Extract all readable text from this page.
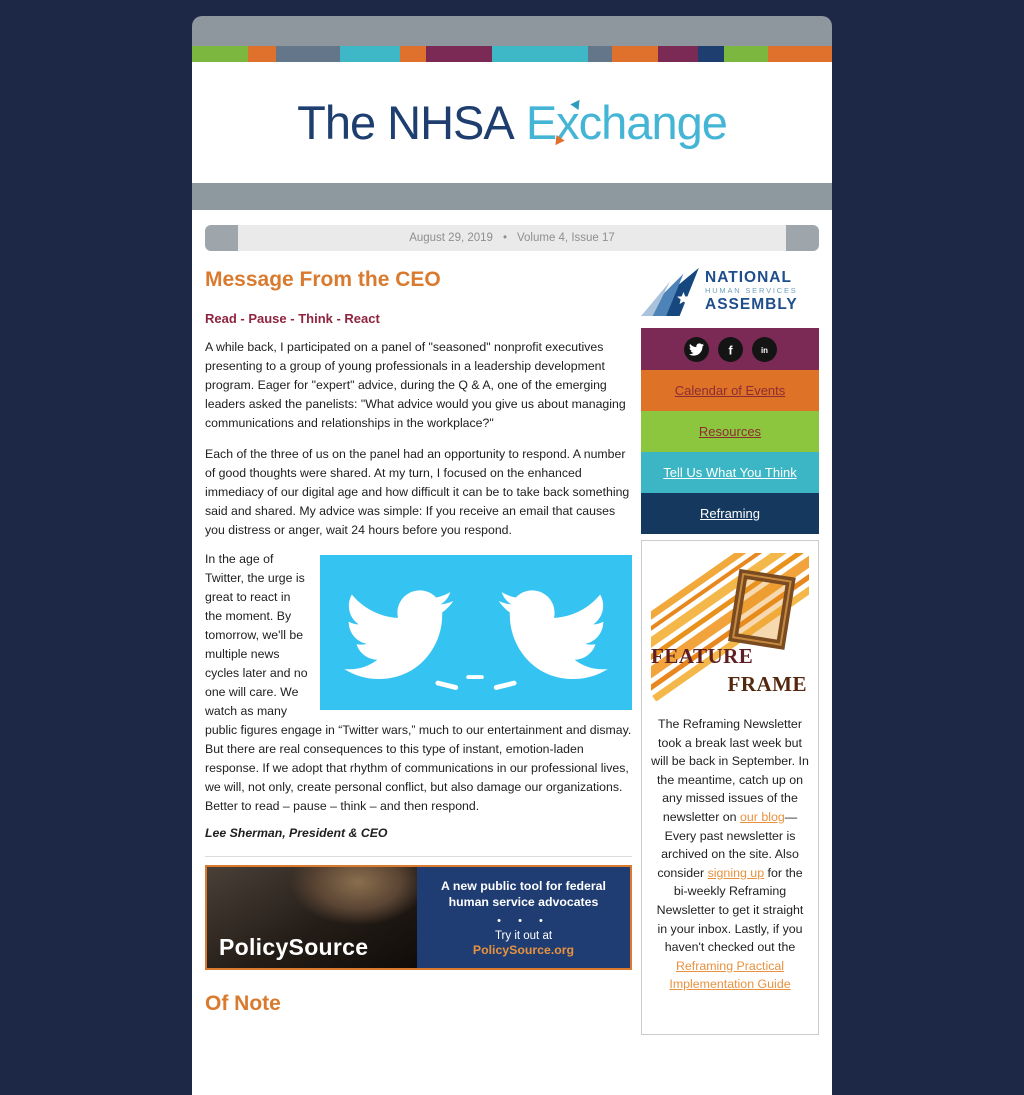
The NHSA Exchange
August 29, 2019 • Volume 4, Issue 17
Message From the CEO
Read - Pause - Think - React
A while back, I participated on a panel of "seasoned" nonprofit executives presenting to a group of young professionals in a leadership development program. Eager for "expert" advice, during the Q & A, one of the emerging leaders asked the panelists: "What advice would you give us about managing communications and relationships in the workplace?"
Each of the three of us on the panel had an opportunity to respond. A number of good thoughts were shared. At my turn, I focused on the enhanced immediacy of our digital age and how difficult it can be to take back something said and shared. My advice was simple: If you receive an email that causes you distress or anger, wait 24 hours before you respond.
In the age of Twitter, the urge is great to react in the moment. By tomorrow, we'll be multiple news cycles later and no one will care. We watch as many public figures engage in “Twitter wars,” much to our entertainment and dismay. But there are real consequences to this type of instant, emotion-laden response. If we adopt that rhythm of communications in our professional lives, we will, not only, create personal conflict, but also damage our organizations. Better to read – pause – think – and then respond.
Lee Sherman, President & CEO
PolicySource
A new public tool for federal human service advocates
• • •
Try it out at
PolicySource.org
Of Note
NATIONAL
HUMAN SERVICES
ASSEMBLY
f in
Calendar of Events
Resources
Tell Us What You Think
Reframing
FEATURE
FRAME
The Reframing Newsletter took a break last week but will be back in September. In the meantime, catch up on any missed issues of the newsletter on our blog—Every past newsletter is archived on the site. Also consider signing up for the bi-weekly Reframing Newsletter to get it straight in your inbox. Lastly, if you haven't checked out the Reframing Practical Implementation Guide
